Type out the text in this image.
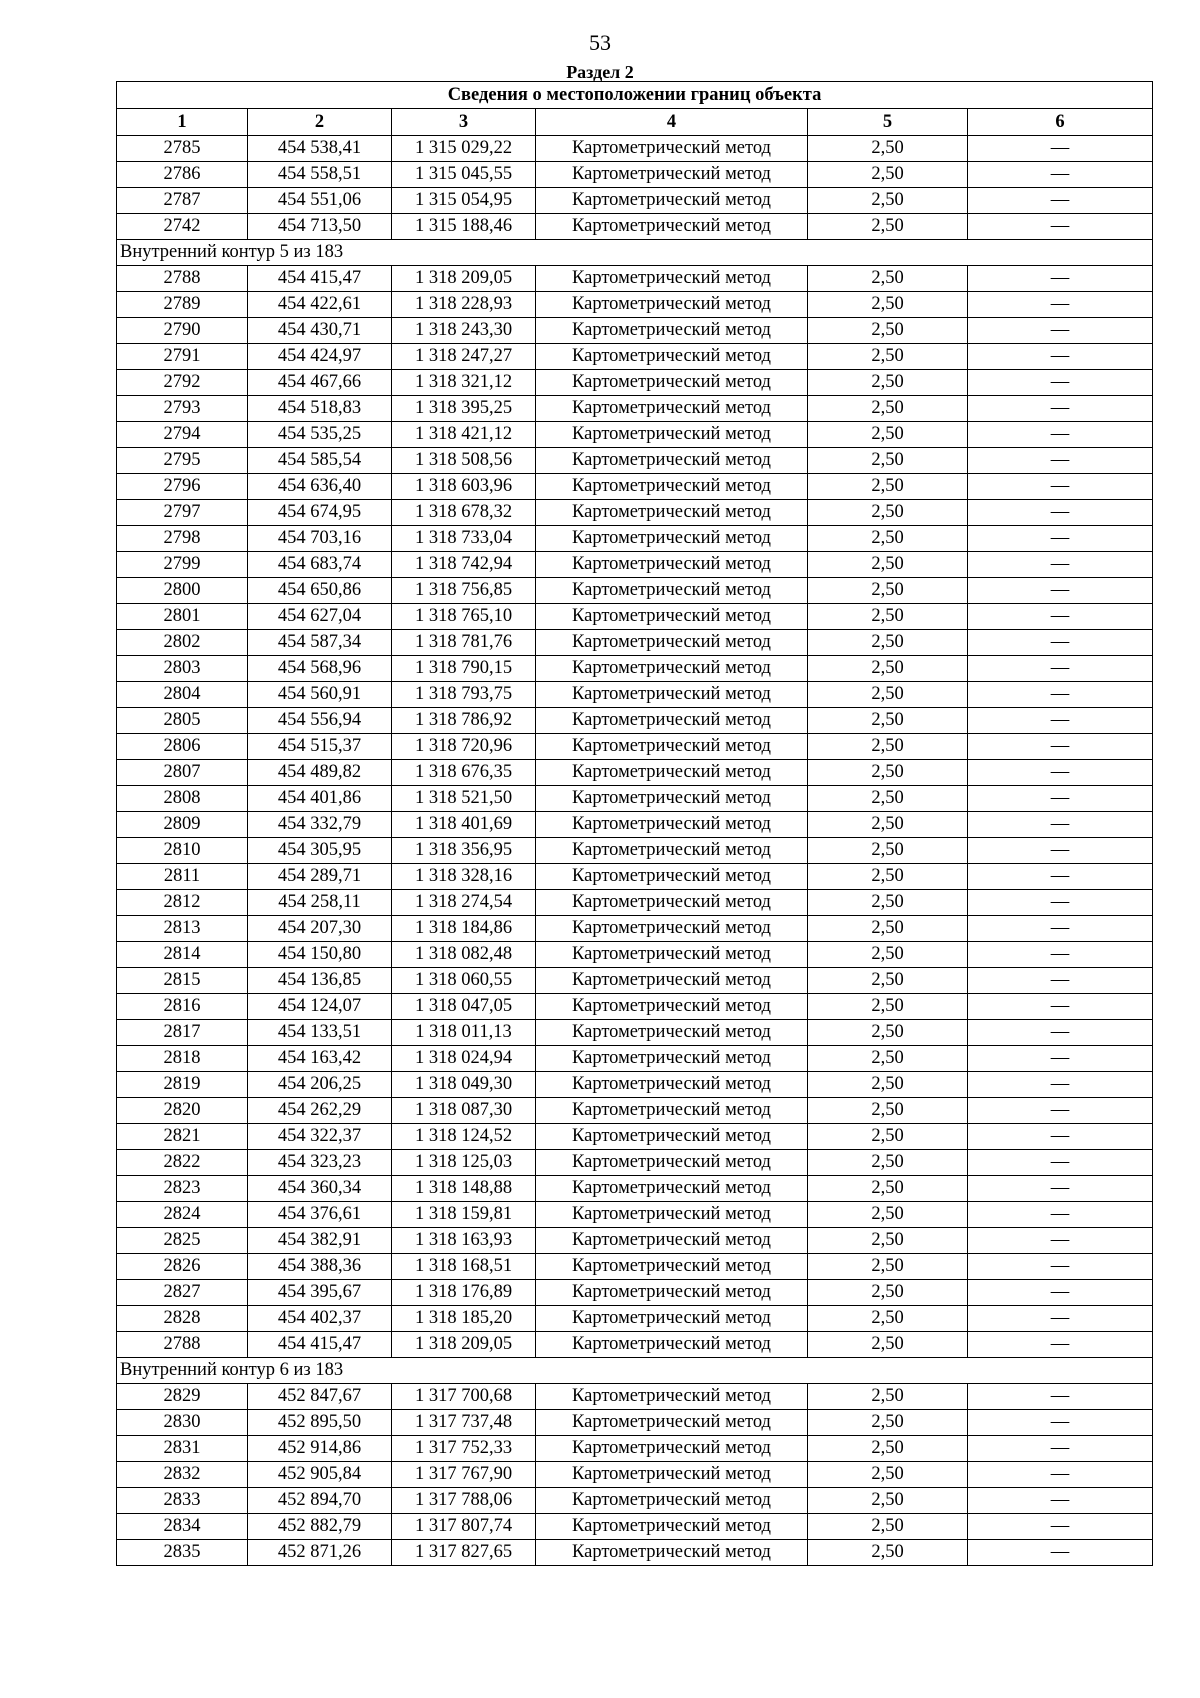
53
Раздел 2
Сведения о местоположении границ объекта					
1	2	3	4	5	6
2785	454 538,41	1 315 029,22	Картометрический метод	2,50	—
2786	454 558,51	1 315 045,55	Картометрический метод	2,50	—
2787	454 551,06	1 315 054,95	Картометрический метод	2,50	—
2742	454 713,50	1 315 188,46	Картометрический метод	2,50	—
Внутренний контур 5 из 183					
2788	454 415,47	1 318 209,05	Картометрический метод	2,50	—
2789	454 422,61	1 318 228,93	Картометрический метод	2,50	—
2790	454 430,71	1 318 243,30	Картометрический метод	2,50	—
2791	454 424,97	1 318 247,27	Картометрический метод	2,50	—
2792	454 467,66	1 318 321,12	Картометрический метод	2,50	—
2793	454 518,83	1 318 395,25	Картометрический метод	2,50	—
2794	454 535,25	1 318 421,12	Картометрический метод	2,50	—
2795	454 585,54	1 318 508,56	Картометрический метод	2,50	—
2796	454 636,40	1 318 603,96	Картометрический метод	2,50	—
2797	454 674,95	1 318 678,32	Картометрический метод	2,50	—
2798	454 703,16	1 318 733,04	Картометрический метод	2,50	—
2799	454 683,74	1 318 742,94	Картометрический метод	2,50	—
2800	454 650,86	1 318 756,85	Картометрический метод	2,50	—
2801	454 627,04	1 318 765,10	Картометрический метод	2,50	—
2802	454 587,34	1 318 781,76	Картометрический метод	2,50	—
2803	454 568,96	1 318 790,15	Картометрический метод	2,50	—
2804	454 560,91	1 318 793,75	Картометрический метод	2,50	—
2805	454 556,94	1 318 786,92	Картометрический метод	2,50	—
2806	454 515,37	1 318 720,96	Картометрический метод	2,50	—
2807	454 489,82	1 318 676,35	Картометрический метод	2,50	—
2808	454 401,86	1 318 521,50	Картометрический метод	2,50	—
2809	454 332,79	1 318 401,69	Картометрический метод	2,50	—
2810	454 305,95	1 318 356,95	Картометрический метод	2,50	—
2811	454 289,71	1 318 328,16	Картометрический метод	2,50	—
2812	454 258,11	1 318 274,54	Картометрический метод	2,50	—
2813	454 207,30	1 318 184,86	Картометрический метод	2,50	—
2814	454 150,80	1 318 082,48	Картометрический метод	2,50	—
2815	454 136,85	1 318 060,55	Картометрический метод	2,50	—
2816	454 124,07	1 318 047,05	Картометрический метод	2,50	—
2817	454 133,51	1 318 011,13	Картометрический метод	2,50	—
2818	454 163,42	1 318 024,94	Картометрический метод	2,50	—
2819	454 206,25	1 318 049,30	Картометрический метод	2,50	—
2820	454 262,29	1 318 087,30	Картометрический метод	2,50	—
2821	454 322,37	1 318 124,52	Картометрический метод	2,50	—
2822	454 323,23	1 318 125,03	Картометрический метод	2,50	—
2823	454 360,34	1 318 148,88	Картометрический метод	2,50	—
2824	454 376,61	1 318 159,81	Картометрический метод	2,50	—
2825	454 382,91	1 318 163,93	Картометрический метод	2,50	—
2826	454 388,36	1 318 168,51	Картометрический метод	2,50	—
2827	454 395,67	1 318 176,89	Картометрический метод	2,50	—
2828	454 402,37	1 318 185,20	Картометрический метод	2,50	—
2788	454 415,47	1 318 209,05	Картометрический метод	2,50	—
Внутренний контур 6 из 183					
2829	452 847,67	1 317 700,68	Картометрический метод	2,50	—
2830	452 895,50	1 317 737,48	Картометрический метод	2,50	—
2831	452 914,86	1 317 752,33	Картометрический метод	2,50	—
2832	452 905,84	1 317 767,90	Картометрический метод	2,50	—
2833	452 894,70	1 317 788,06	Картометрический метод	2,50	—
2834	452 882,79	1 317 807,74	Картометрический метод	2,50	—
2835	452 871,26	1 317 827,65	Картометрический метод	2,50	—
